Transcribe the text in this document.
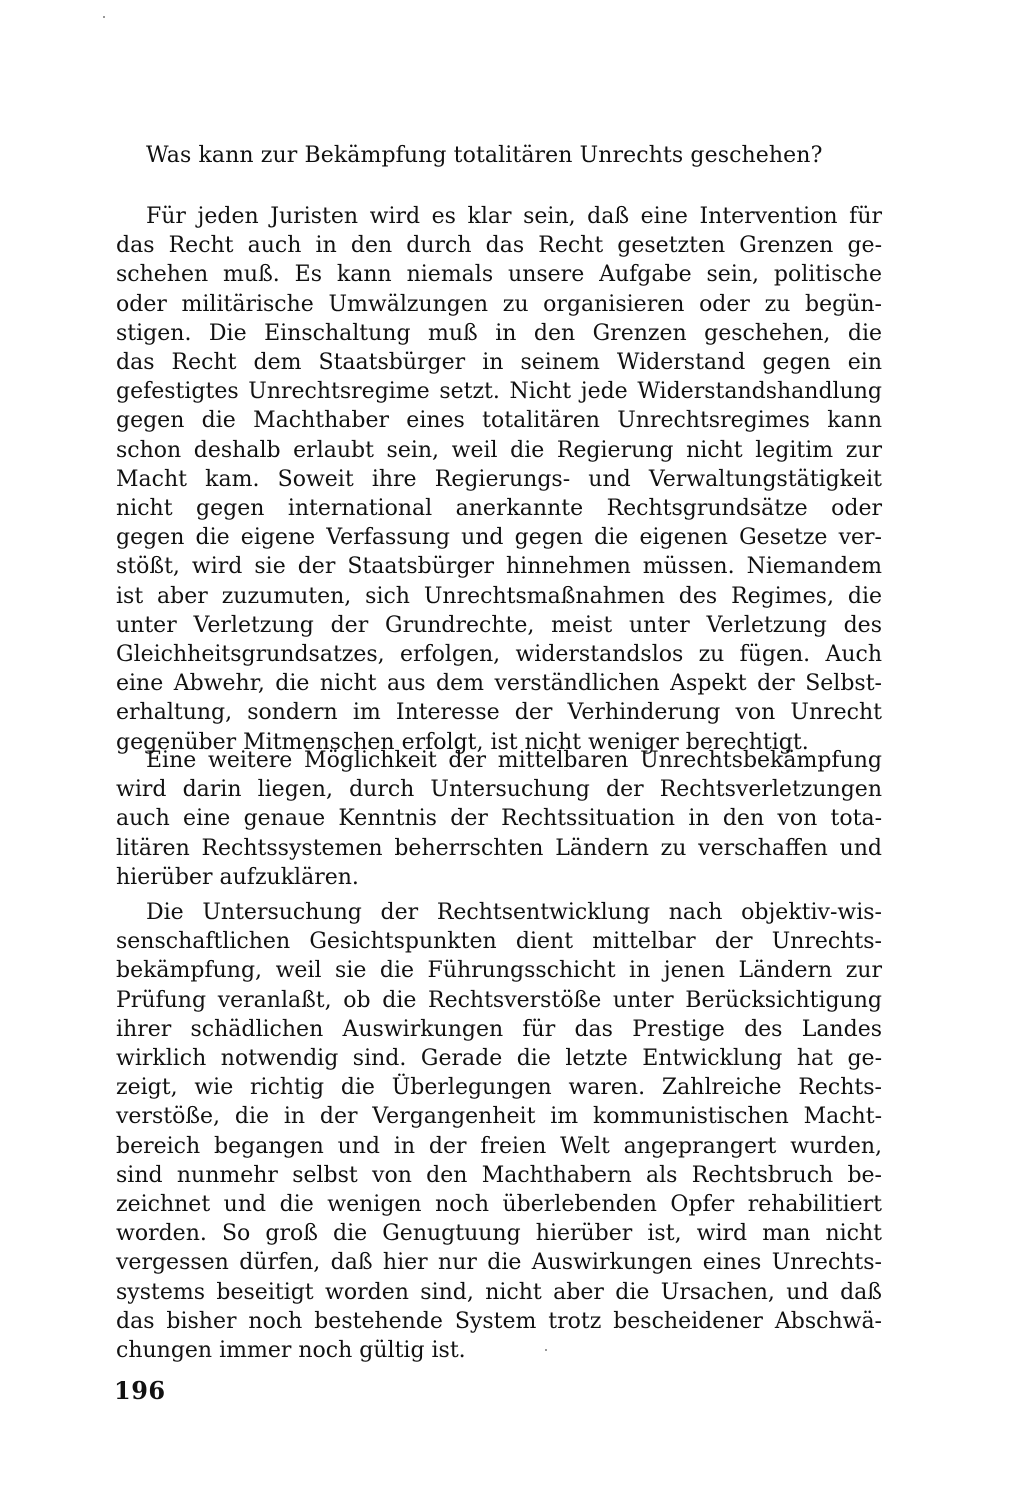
Was kann zur Bekämpfung totalitären Unrechts geschehen?
Für jeden Juristen wird es klar sein, daß eine Intervention für
das Recht auch in den durch das Recht gesetzten Grenzen ge-
schehen muß. Es kann niemals unsere Aufgabe sein, politische
oder militärische Umwälzungen zu organisieren oder zu begün-
stigen. Die Einschaltung muß in den Grenzen geschehen, die
das Recht dem Staatsbürger in seinem Widerstand gegen ein
gefestigtes Unrechtsregime setzt. Nicht jede Widerstandshandlung
gegen die Machthaber eines totalitären Unrechtsregimes kann
schon deshalb erlaubt sein, weil die Regierung nicht legitim zur
Macht kam. Soweit ihre Regierungs- und Verwaltungstätigkeit
nicht gegen international anerkannte Rechtsgrundsätze oder
gegen die eigene Verfassung und gegen die eigenen Gesetze ver-
stößt, wird sie der Staatsbürger hinnehmen müssen. Niemandem
ist aber zuzumuten, sich Unrechtsmaßnahmen des Regimes, die
unter Verletzung der Grundrechte, meist unter Verletzung des
Gleichheitsgrundsatzes, erfolgen, widerstandslos zu fügen. Auch
eine Abwehr, die nicht aus dem verständlichen Aspekt der Selbst-
erhaltung, sondern im Interesse der Verhinderung von Unrecht
gegenüber Mitmenschen erfolgt, ist nicht weniger berechtigt.
Eine weitere Möglichkeit der mittelbaren Unrechtsbekämpfung
wird darin liegen, durch Untersuchung der Rechtsverletzungen
auch eine genaue Kenntnis der Rechtssituation in den von tota-
litären Rechtssystemen beherrschten Ländern zu verschaffen und
hierüber aufzuklären.
Die Untersuchung der Rechtsentwicklung nach objektiv-wis-
senschaftlichen Gesichtspunkten dient mittelbar der Unrechts-
bekämpfung, weil sie die Führungsschicht in jenen Ländern zur
Prüfung veranlaßt, ob die Rechtsverstöße unter Berücksichtigung
ihrer schädlichen Auswirkungen für das Prestige des Landes
wirklich notwendig sind. Gerade die letzte Entwicklung hat ge-
zeigt, wie richtig die Überlegungen waren. Zahlreiche Rechts-
verstöße, die in der Vergangenheit im kommunistischen Macht-
bereich begangen und in der freien Welt angeprangert wurden,
sind nunmehr selbst von den Machthabern als Rechtsbruch be-
zeichnet und die wenigen noch überlebenden Opfer rehabilitiert
worden. So groß die Genugtuung hierüber ist, wird man nicht
vergessen dürfen, daß hier nur die Auswirkungen eines Unrechts-
systems beseitigt worden sind, nicht aber die Ursachen, und daß
das bisher noch bestehende System trotz bescheidener Abschwä-
chungen immer noch gültig ist.
196
